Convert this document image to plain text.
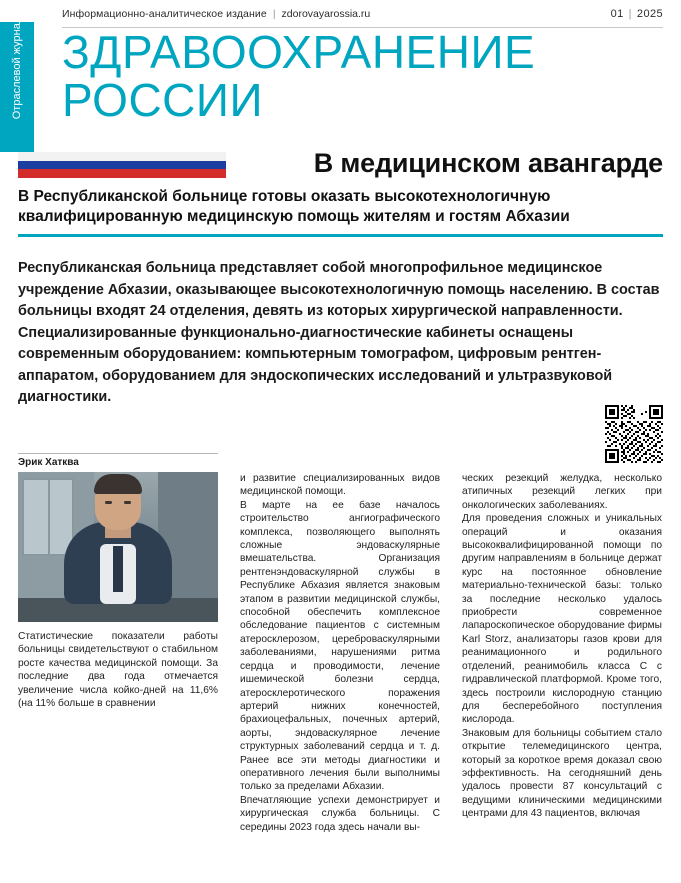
Информационно-аналитическое издание | zdorovayarossia.ru	01 | 2025
Отраслевой журнал ЗДРАВООХРАНЕНИЕ
РОССИИ
В медицинском авангарде
В Республиканской больнице готовы оказать высокотехнологичную квалифицированную медицинскую помощь жителям и гостям Абхазии
Республиканская больница представляет собой многопрофильное медицинское учреждение Абхазии, оказывающее высокотехнологичную помощь населению. В состав больницы входят 24 отделения, девять из которых хирургической направленности. Специализированные функционально-диагностические кабинеты оснащены современным оборудованием: компьютерным томографом, цифровым рентген-аппаратом, оборудованием для эндоскопических исследований и ультразвуковой диагностики.
Эрик Хатква

Статистические показатели работы больницы свидетельствуют о стабильном росте качества медицинской помощи. За последние два года отмечается увеличение числа койко-дней на 11,6% (на 11% больше в сравнении

и развитие специализированных видов медицинской помощи.

В марте на ее базе началось строительство ангиографического комплекса, позволяющего выполнять сложные эндоваскулярные вмешательства. Организация рентгенэндоваскулярной службы в Республике Абхазия является знаковым этапом в развитии медицинской службы, способной обеспечить комплексное обследование пациентов с системным атеросклерозом, цереброваскулярными заболеваниями, нарушениями ритма сердца и проводимости, лечение ишемической болезни сердца, атеросклеротического поражения артерий нижних конечностей, брахиоцефальных, почечных артерий, аорты, эндоваскулярное лечение структурных заболеваний сердца и т. д. Ранее все эти методы диагностики и оперативного лечения были выполнимы только за пределами Абхазии.

Впечатляющие успехи демонстрирует и хирургическая служба больницы. С середины 2023 года здесь начали вы-

ческих резекций желудка, несколько атипичных резекций легких при онкологических заболеваниях.

Для проведения сложных и уникальных операций и оказания высококвалифицированной помощи по другим направлениям в больнице держат курс на постоянное обновление материально-технической базы: только за последние несколько удалось приобрести современное лапароскопическое оборудование фирмы Karl Storz, анализаторы газов крови для реанимационного и родильного отделений, реанимобиль класса С с гидравлической платформой. Кроме того, здесь построили кислородную станцию для бесперебойного поступления кислорода.

Знаковым для больницы событием стало открытие телемедицинского центра, который за короткое время доказал свою эффективность. На сегодняшний день удалось провести 87 консультаций с ведущими клиническими медицинскими центрами для 43 пациентов, включая
